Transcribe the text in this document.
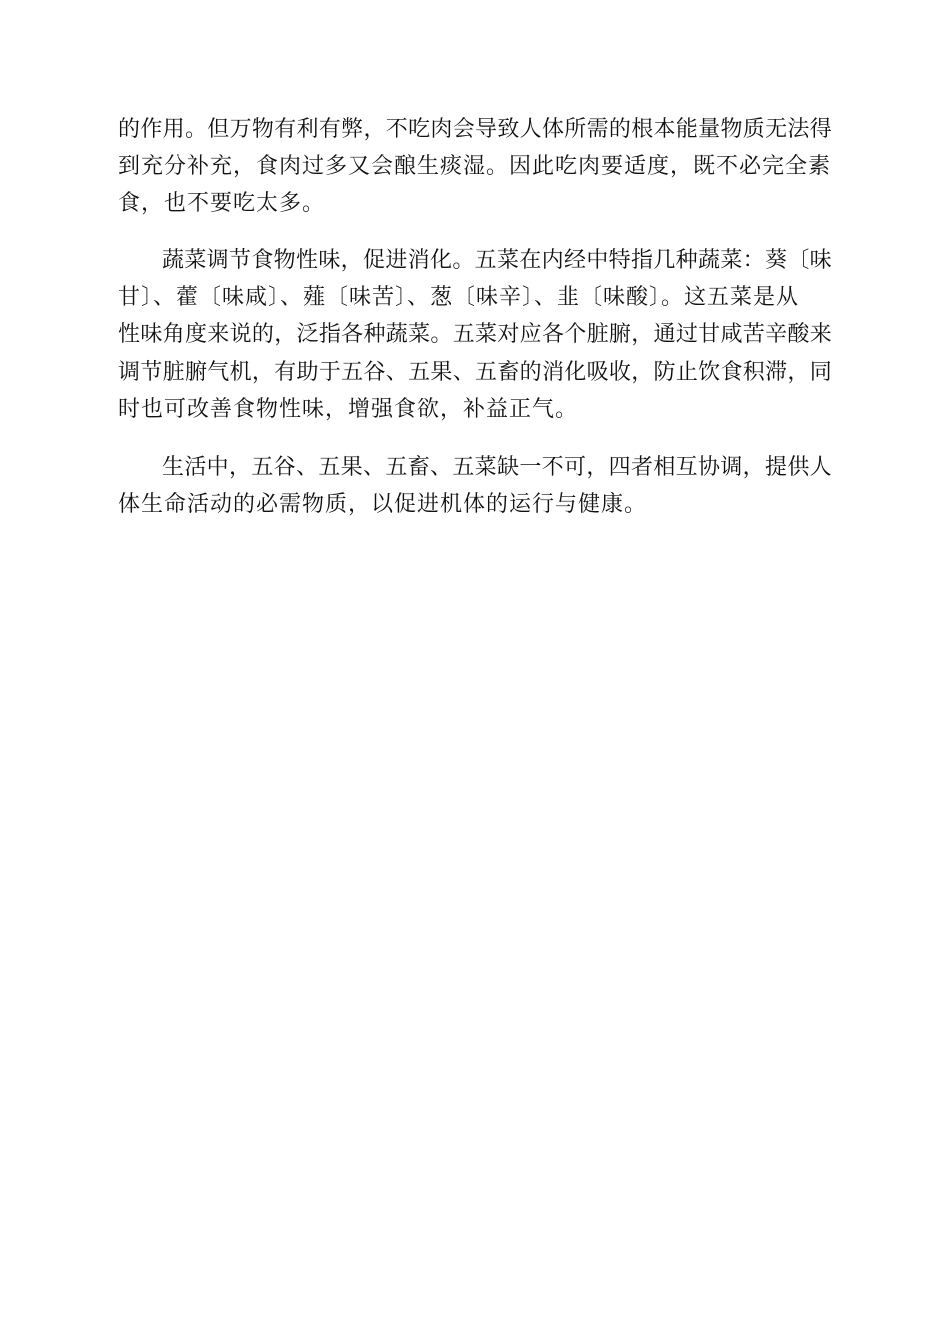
的作用。但万物有利有弊，不吃肉会导致人体所需的根本能量物质无法得
到充分补充，食肉过多又会酿生痰湿。因此吃肉要适度，既不必完全素
食，也不要吃太多。
蔬菜调节食物性味，促进消化。五菜在内经中特指几种蔬菜：葵〔味
甘〕、藿〔味咸〕、薤〔味苦〕、葱〔味辛〕、韭〔味酸〕。这五菜是从
性味角度来说的，泛指各种蔬菜。五菜对应各个脏腑，通过甘咸苦辛酸来
调节脏腑气机，有助于五谷、五果、五畜的消化吸收，防止饮食积滞，同
时也可改善食物性味，增强食欲，补益正气。
生活中，五谷、五果、五畜、五菜缺一不可，四者相互协调，提供人
体生命活动的必需物质，以促进机体的运行与健康。
